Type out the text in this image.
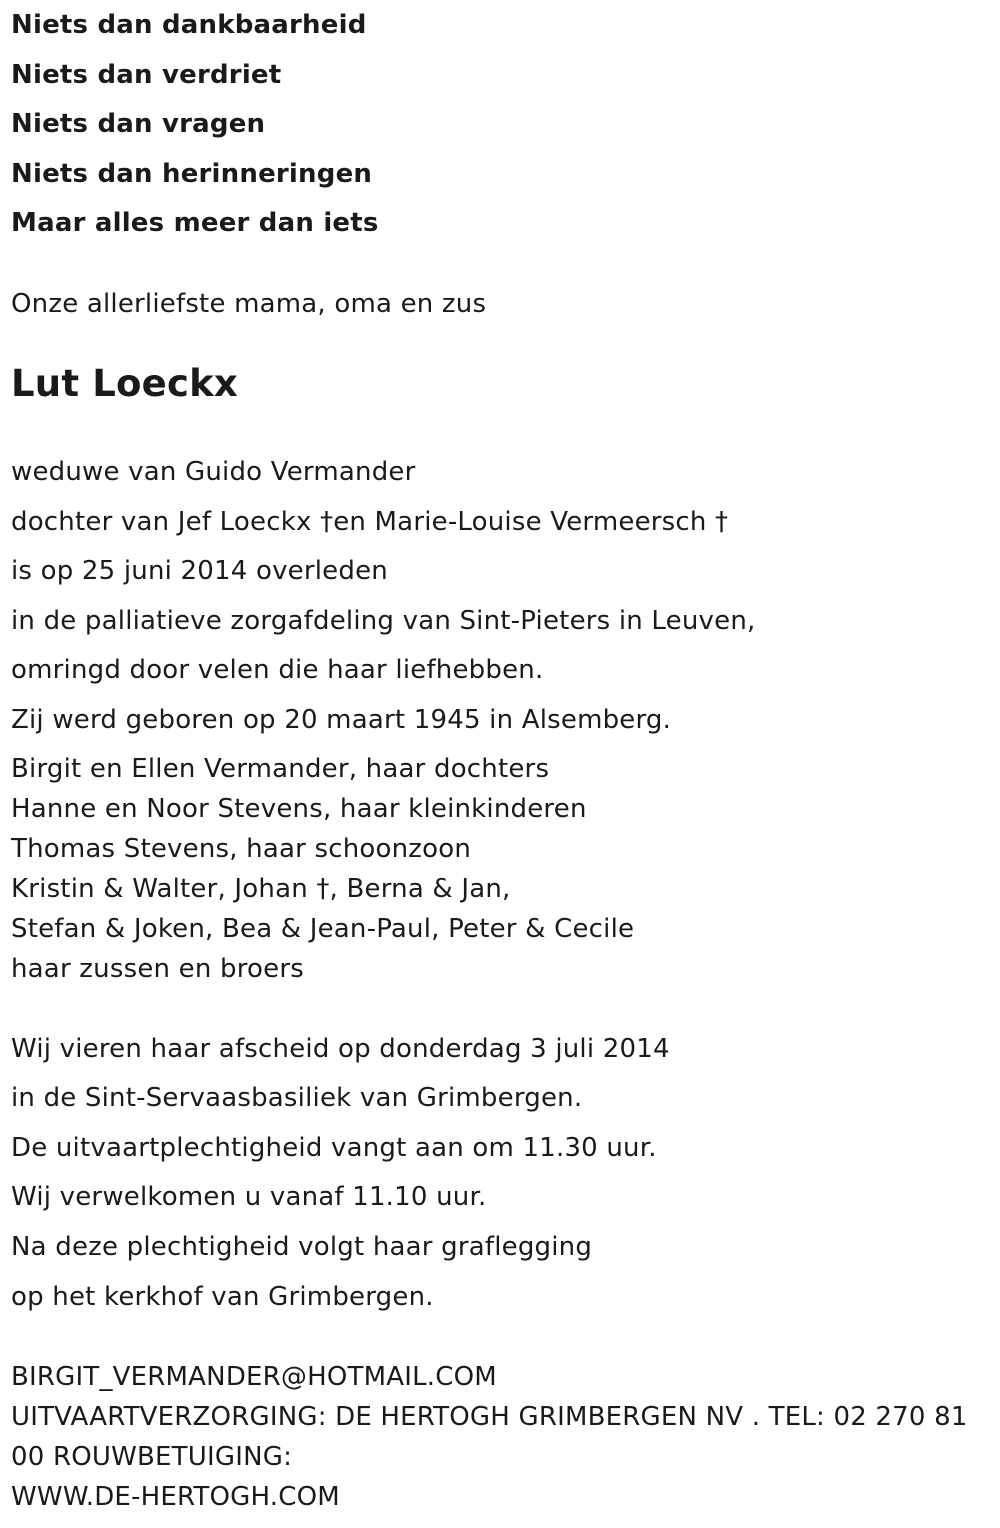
Niets dan dankbaarheid
Niets dan verdriet
Niets dan vragen
Niets dan herinneringen
Maar alles meer dan iets
Onze allerliefste mama, oma en zus
Lut Loeckx
weduwe van Guido Vermander
dochter van Jef Loeckx †en Marie-Louise Vermeersch †
is op 25 juni 2014 overleden
in de palliatieve zorgafdeling van Sint-Pieters in Leuven,
omringd door velen die haar liefhebben.
Zij werd geboren op 20 maart 1945 in Alsemberg.
Birgit en Ellen Vermander, haar dochters
Hanne en Noor Stevens, haar kleinkinderen
Thomas Stevens, haar schoonzoon
Kristin & Walter, Johan †, Berna & Jan,
Stefan & Joken, Bea & Jean-Paul, Peter & Cecile
haar zussen en broers
Wij vieren haar afscheid op donderdag 3 juli 2014
in de Sint-Servaasbasiliek van Grimbergen.
De uitvaartplechtigheid vangt aan om 11.30 uur.
Wij verwelkomen u vanaf 11.10 uur.
Na deze plechtigheid volgt haar graflegging
op het kerkhof van Grimbergen.
BIRGIT_VERMANDER@HOTMAIL.COM
UITVAARTVERZORGING: DE HERTOGH GRIMBERGEN NV . TEL: 02 270 81
00 ROUWBETUIGING:
WWW.DE-HERTOGH.COM
